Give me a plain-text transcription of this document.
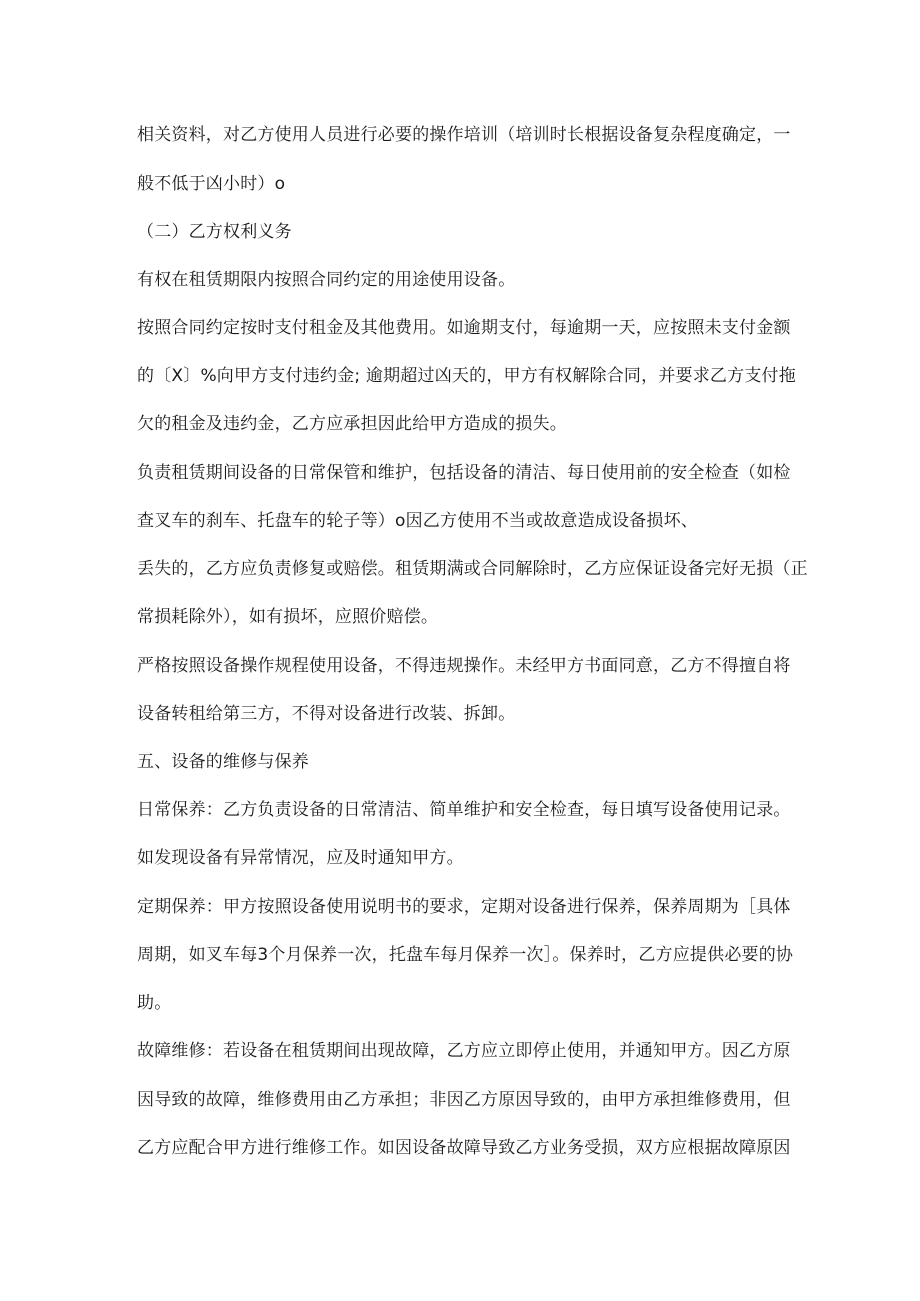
相关资料，对乙方使用人员进行必要的操作培训（培训时长根据设备复杂程度确定，一
般不低于凶小时）o
（二）乙方权利义务
有权在租赁期限内按照合同约定的用途使用设备。
按照合同约定按时支付租金及其他费用。如逾期支付，每逾期一天，应按照未支付金额
的〔X〕%向甲方支付违约金; 逾期超过凶天的，甲方有权解除合同，并要求乙方支付拖
欠的租金及违约金，乙方应承担因此给甲方造成的损失。
负责租赁期间设备的日常保管和维护，包括设备的清洁、每日使用前的安全检查（如检
查叉车的刹车、托盘车的轮子等）o因乙方使用不当或故意造成设备损坏、
丢失的，乙方应负责修复或赔偿。租赁期满或合同解除时，乙方应保证设备完好无损（正
常损耗除外），如有损坏，应照价赔偿。
严格按照设备操作规程使用设备，不得违规操作。未经甲方书面同意，乙方不得擅自将
设备转租给第三方，不得对设备进行改装、拆卸。
五、设备的维修与保养
日常保养：乙方负责设备的日常清洁、简单维护和安全检查，每日填写设备使用记录。
如发现设备有异常情况，应及时通知甲方。
定期保养：甲方按照设备使用说明书的要求，定期对设备进行保养，保养周期为［具体
周期，如叉车每3个月保养一次，托盘车每月保养一次］。保养时，乙方应提供必要的协
助。
故障维修：若设备在租赁期间出现故障，乙方应立即停止使用，并通知甲方。因乙方原
因导致的故障，维修费用由乙方承担；非因乙方原因导致的，由甲方承担维修费用，但
乙方应配合甲方进行维修工作。如因设备故障导致乙方业务受损，双方应根据故障原因
